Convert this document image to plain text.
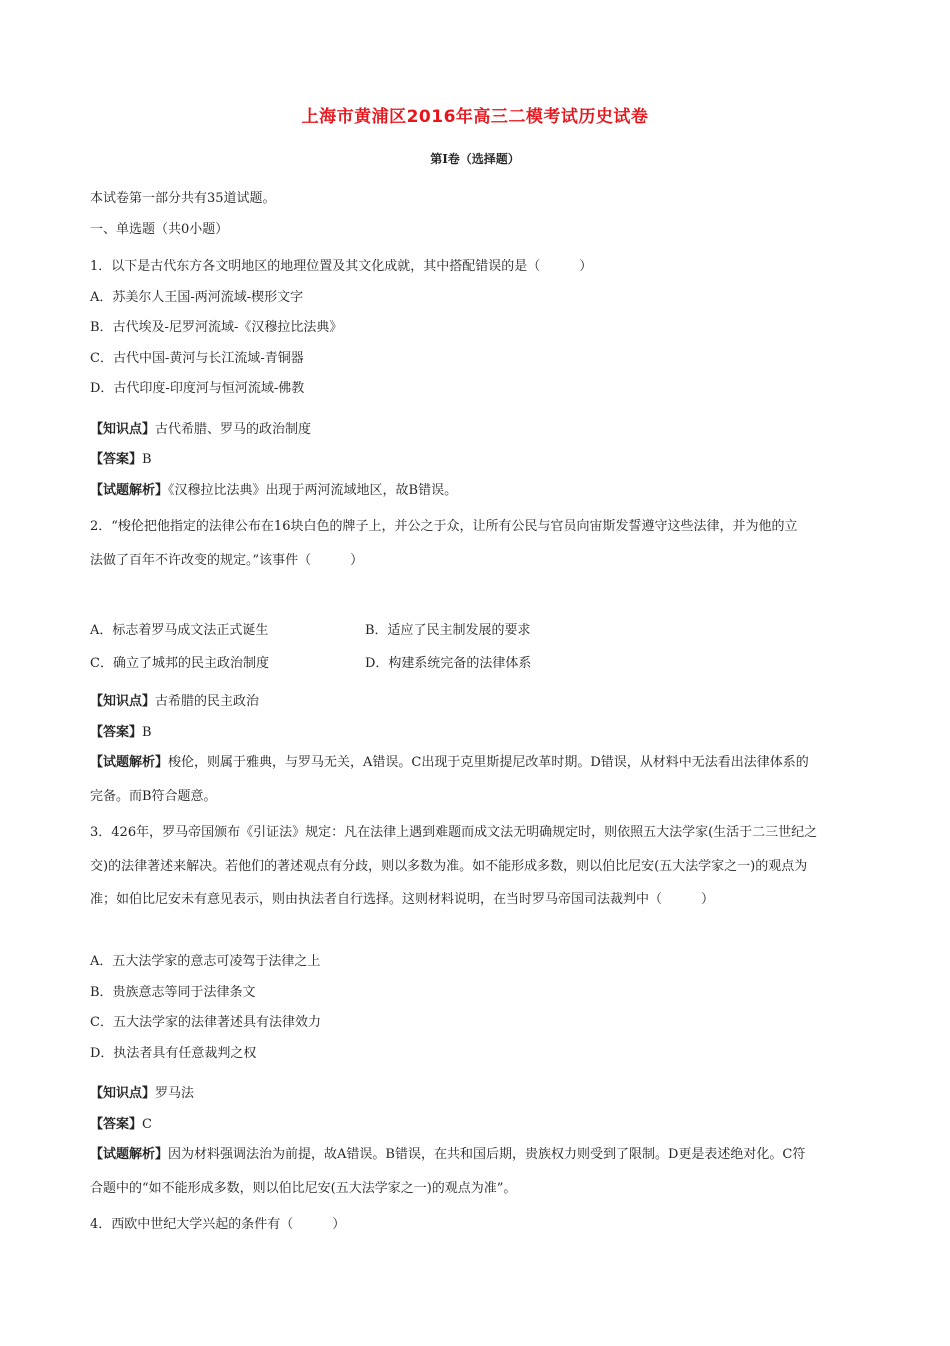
上海市黄浦区2016年高三二模考试历史试卷
第Ⅰ卷（选择题）
本试卷第一部分共有35道试题。
一、单选题（共0小题）
1．以下是古代东方各文明地区的地理位置及其文化成就，其中搭配错误的是（　　　）
A．苏美尔人王国-两河流域-楔形文字
B．古代埃及-尼罗河流域-《汉穆拉比法典》
C．古代中国-黄河与长江流域-青铜器
D．古代印度-印度河与恒河流域-佛教
【知识点】古代希腊、罗马的政治制度
【答案】B
【试题解析】《汉穆拉比法典》出现于两河流域地区，故B错误。
2．“梭伦把他指定的法律公布在16块白色的牌子上，并公之于众，让所有公民与官员向宙斯发誓遵守这些法律，并为他的立
法做了百年不许改变的规定。”该事件（　　　）
A．标志着罗马成文法正式诞生	B．适应了民主制发展的要求
C．确立了城邦的民主政治制度	D．构建系统完备的法律体系
【知识点】古希腊的民主政治
【答案】B
【试题解析】梭伦，则属于雅典，与罗马无关，A错误。C出现于克里斯提尼改革时期。D错误，从材料中无法看出法律体系的
完备。而B符合题意。
3．426年，罗马帝国颁布《引证法》规定：凡在法律上遇到难题而成文法无明确规定时，则依照五大法学家(生活于二三世纪之
交)的法律著述来解决。若他们的著述观点有分歧，则以多数为准。如不能形成多数，则以伯比尼安(五大法学家之一)的观点为
准；如伯比尼安未有意见表示，则由执法者自行选择。这则材料说明，在当时罗马帝国司法裁判中（　　　）
A．五大法学家的意志可凌驾于法律之上
B．贵族意志等同于法律条文
C．五大法学家的法律著述具有法律效力
D．执法者具有任意裁判之权
【知识点】罗马法
【答案】C
【试题解析】因为材料强调法治为前提，故A错误。B错误，在共和国后期，贵族权力则受到了限制。D更是表述绝对化。C符
合题中的“如不能形成多数，则以伯比尼安(五大法学家之一)的观点为准”。
4．西欧中世纪大学兴起的条件有（　　　）
